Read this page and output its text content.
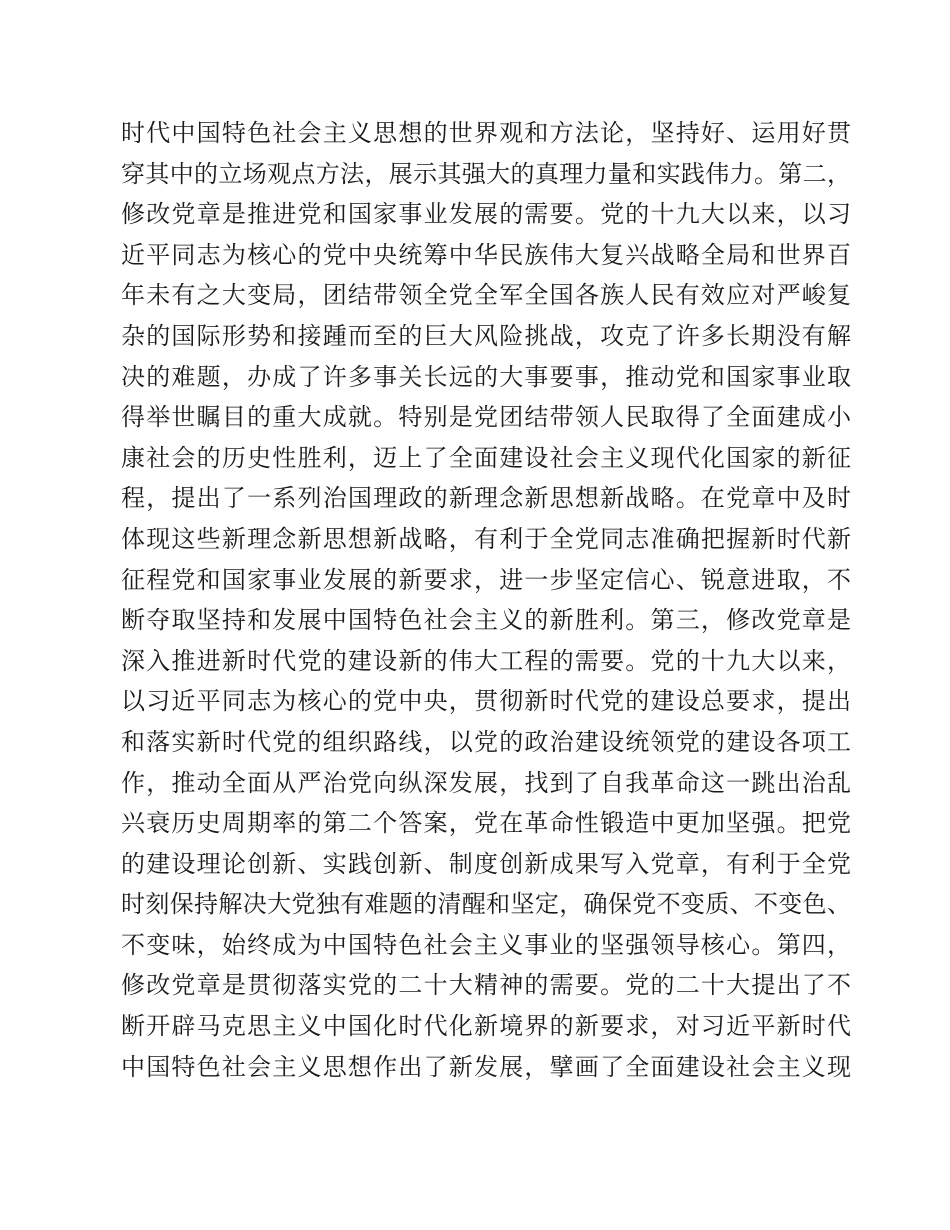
时代中国特色社会主义思想的世界观和方法论，坚持好、运用好贯
穿其中的立场观点方法，展示其强大的真理力量和实践伟力。第二，
修改党章是推进党和国家事业发展的需要。党的十九大以来，以习
近平同志为核心的党中央统筹中华民族伟大复兴战略全局和世界百
年未有之大变局，团结带领全党全军全国各族人民有效应对严峻复
杂的国际形势和接踵而至的巨大风险挑战，攻克了许多长期没有解
决的难题，办成了许多事关长远的大事要事，推动党和国家事业取
得举世瞩目的重大成就。特别是党团结带领人民取得了全面建成小
康社会的历史性胜利，迈上了全面建设社会主义现代化国家的新征
程，提出了一系列治国理政的新理念新思想新战略。在党章中及时
体现这些新理念新思想新战略，有利于全党同志准确把握新时代新
征程党和国家事业发展的新要求，进一步坚定信心、锐意进取，不
断夺取坚持和发展中国特色社会主义的新胜利。第三，修改党章是
深入推进新时代党的建设新的伟大工程的需要。党的十九大以来，
以习近平同志为核心的党中央，贯彻新时代党的建设总要求，提出
和落实新时代党的组织路线，以党的政治建设统领党的建设各项工
作，推动全面从严治党向纵深发展，找到了自我革命这一跳出治乱
兴衰历史周期率的第二个答案，党在革命性锻造中更加坚强。把党
的建设理论创新、实践创新、制度创新成果写入党章，有利于全党
时刻保持解决大党独有难题的清醒和坚定，确保党不变质、不变色、
不变味，始终成为中国特色社会主义事业的坚强领导核心。第四，
修改党章是贯彻落实党的二十大精神的需要。党的二十大提出了不
断开辟马克思主义中国化时代化新境界的新要求，对习近平新时代
中国特色社会主义思想作出了新发展，擘画了全面建设社会主义现
